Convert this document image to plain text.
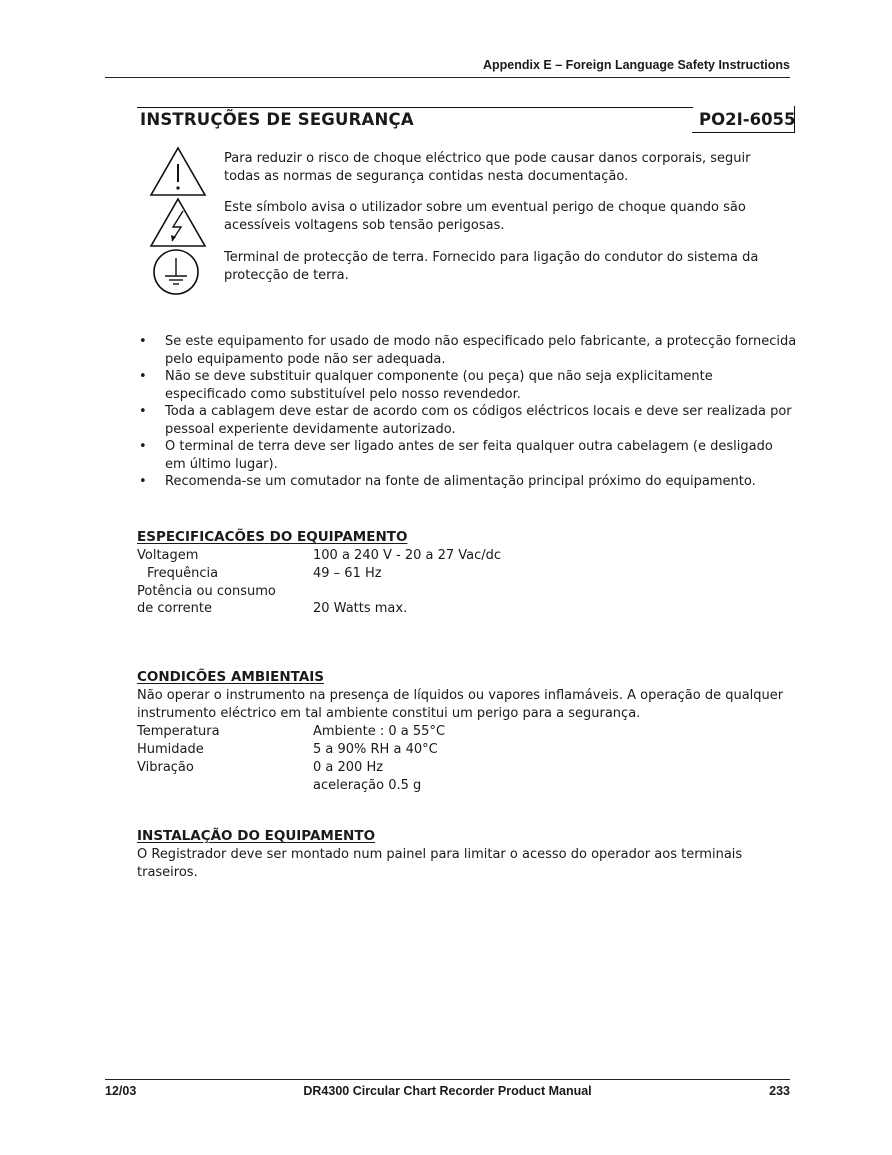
Appendix E – Foreign Language Safety Instructions
INSTRUÇÕES DE SEGURANÇA	PO2I-6055
Para reduzir o risco de choque eléctrico que pode causar danos corporais, seguir todas as normas de segurança contidas nesta documentação.
Este símbolo avisa o utilizador sobre um eventual perigo de choque quando são acessíveis voltagens sob tensão perigosas.
Terminal de protecção de terra. Fornecido para ligação do condutor do sistema da protecção de terra.
• Se este equipamento for usado de modo não especificado pelo fabricante, a protecção fornecida pelo equipamento pode não ser adequada.
• Não se deve substituir qualquer componente (ou peça) que não seja explicitamente especificado como substituível pelo nosso revendedor.
• Toda a cablagem deve estar de acordo com os códigos eléctricos locais e deve ser realizada por pessoal experiente devidamente autorizado.
• O terminal de terra deve ser ligado antes de ser feita qualquer outra cabelagem (e desligado em último lugar).
• Recomenda-se um comutador na fonte de alimentação principal próximo do equipamento.
ESPECIFICACÕES DO EQUIPAMENTO
Voltagem	100 a 240 V - 20 a 27 Vac/dc
Frequência	49 – 61 Hz
Potência ou consumo
de corrente	20 Watts max.
CONDICÕES AMBIENTAIS
Não operar o instrumento na presença de líquidos ou vapores inflamáveis. A operação de qualquer instrumento eléctrico em tal ambiente constitui um perigo para a segurança.
Temperatura	Ambiente : 0 a 55°C
Humidade	5 a 90% RH a 40°C
Vibração	0 a 200 Hz
aceleração 0.5 g
INSTALAÇÃO DO EQUIPAMENTO
O Registrador deve ser montado num painel para limitar o acesso do operador aos terminais traseiros.
12/03	DR4300 Circular Chart Recorder Product Manual	233
